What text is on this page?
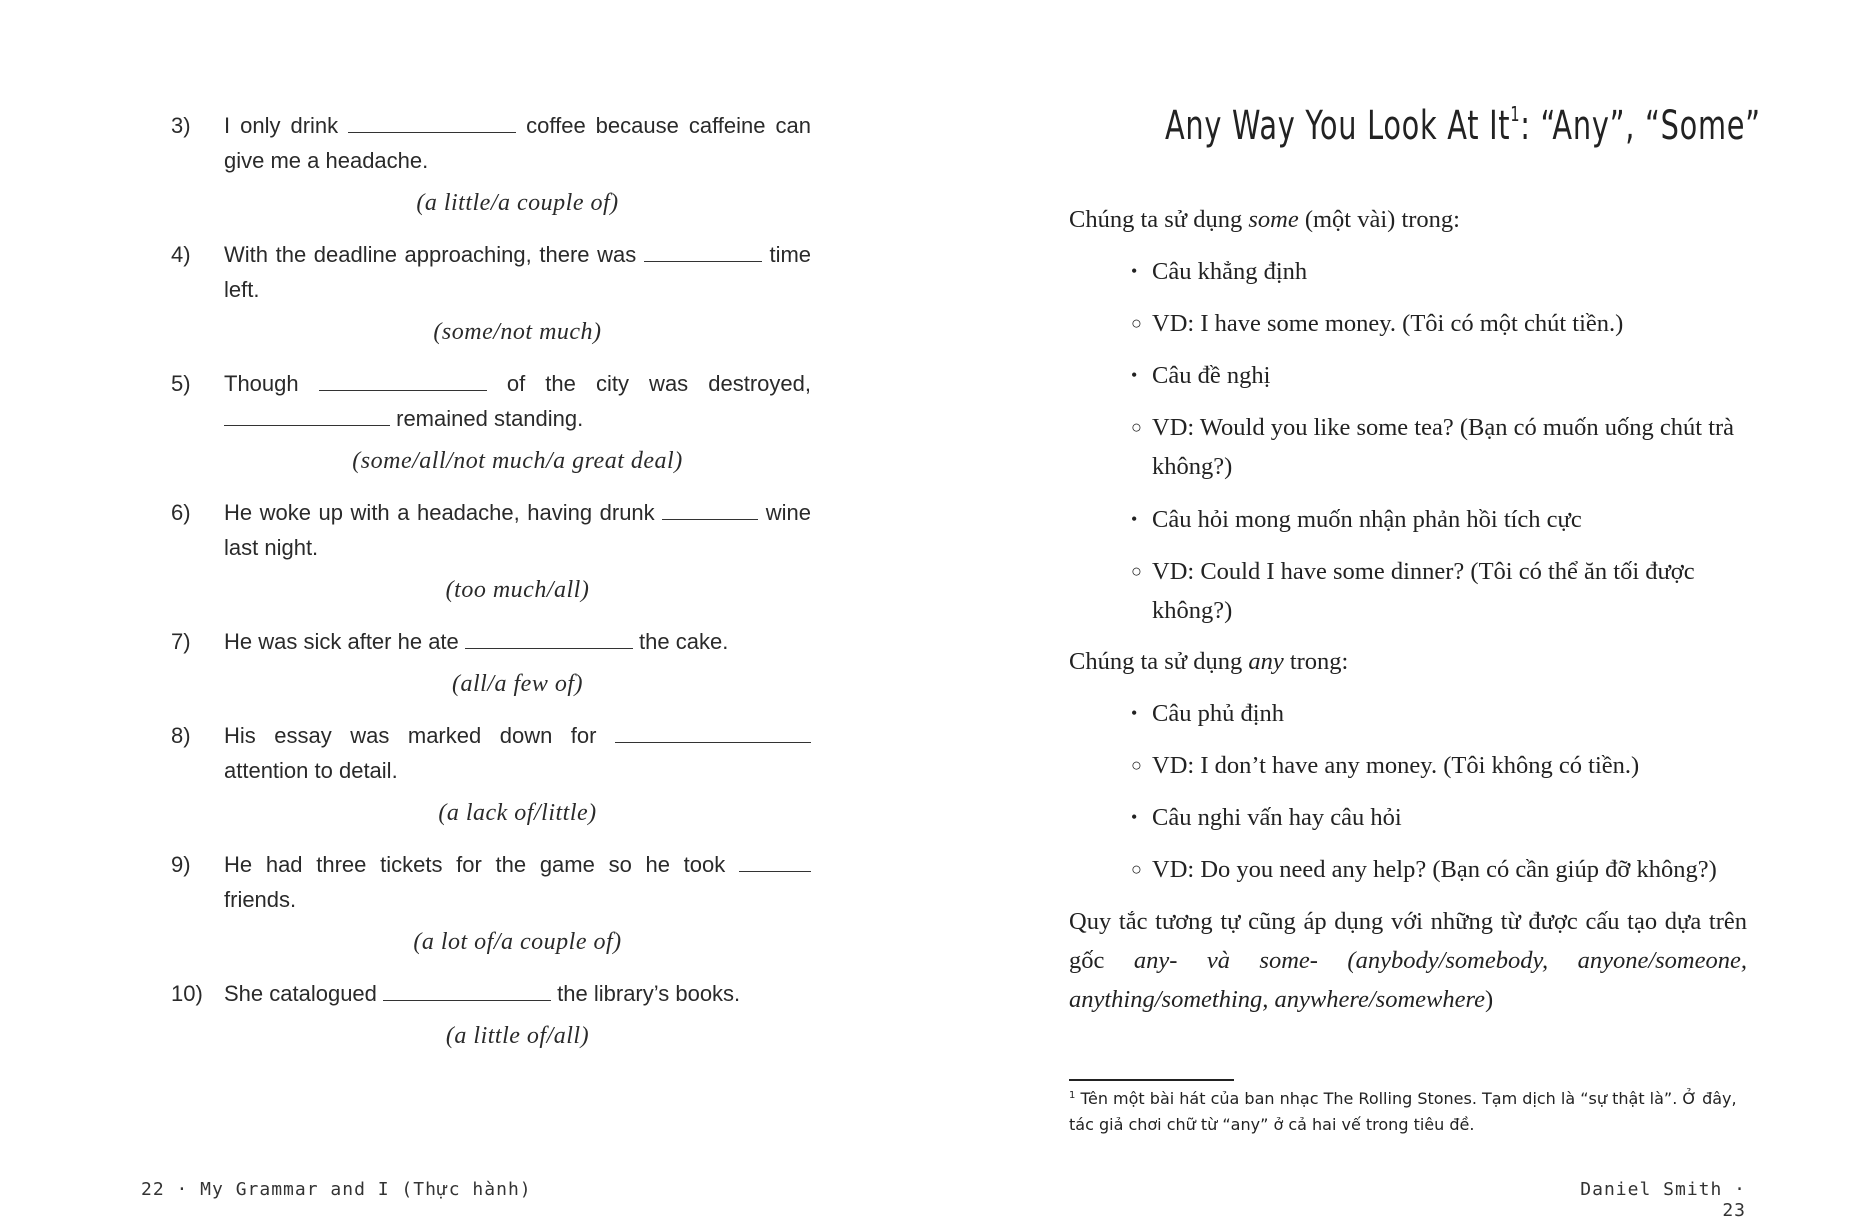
3)	I only drink	coffee because caffeine can give me a headache.
(a little/a couple of)
4)	With the deadline approaching, there was	time left.
(some/not much)
5)	Though	of the city was destroyed,  remained standing.
(some/all/not much/a great deal)
6)	He woke up with a headache, having drunk	wine last night.
(too much/all)
7)	He was sick after he ate	the cake.
(all/a few of)
8)	His essay was marked down for  attention to detail.
(a lack of/little)
9)	He had three tickets for the game so he took  friends.
(a lot of/a couple of)
10) She catalogued	the library’s books.
(a little of/all)
22 · My Grammar and I (Thực hành)
Any Way You Look At It$^1$: “Any”, “Some”
Chúng ta sử dụng some (một vài) trong:
• Câu khẳng định
○ VD: I have some money. (Tôi có một chút tiền.)
• Câu đề nghị
○ VD: Would you like some tea? (Bạn có muốn uống chút trà không?)
• Câu hỏi mong muốn nhận phản hồi tích cực
○ VD: Could I have some dinner? (Tôi có thể ăn tối được không?)
Chúng ta sử dụng any trong:
• Câu phủ định
○ VD: I don’t have any money. (Tôi không có tiền.)
• Câu nghi vấn hay câu hỏi
○ VD: Do you need any help? (Bạn có cần giúp đỡ không?)
Quy tắc tương tự cũng áp dụng với những từ được cấu tạo dựa trên gốc any- và some- (anybody/somebody, anyone/someone, anything/something, anywhere/somewhere)
$^1$ Tên một bài hát của ban nhạc The Rolling Stones. Tạm dịch là “sự thật là”. Ở đây, tác giả chơi chữ từ “any” ở cả hai vế trong tiêu đề.
Daniel Smith · 23
